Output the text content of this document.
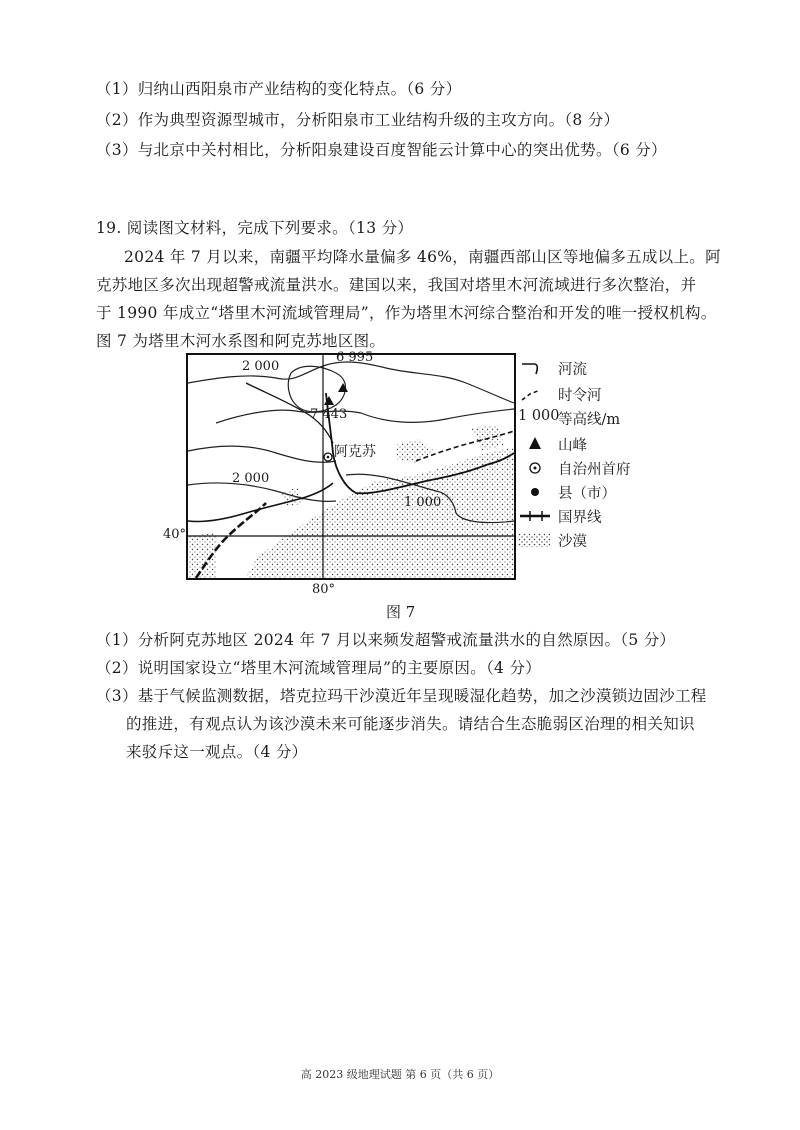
（1）归纳山西阳泉市产业结构的变化特点。（6 分）
（2）作为典型资源型城市，分析阳泉市工业结构升级的主攻方向。（8 分）
（3）与北京中关村相比，分析阳泉建设百度智能云计算中心的突出优势。（6 分）
19. 阅读图文材料，完成下列要求。（13 分）
2024 年 7 月以来，南疆平均降水量偏多 46%，南疆西部山区等地偏多五成以上。阿
克苏地区多次出现超警戒流量洪水。建国以来，我国对塔里木河流域进行多次整治，并
于 1990 年成立“塔里木河流域管理局”，作为塔里木河综合整治和开发的唯一授权机构。
图 7 为塔里木河水系图和阿克苏地区图。
2 000
2 000
1 000
6 995
7 443
阿克苏
40°
80°
河流
时令河
1 000
等高线/m
山峰
自治州首府
县（市）
国界线
沙漠
图 7
（1）分析阿克苏地区 2024 年 7 月以来频发超警戒流量洪水的自然原因。（5 分）
（2）说明国家设立“塔里木河流域管理局”的主要原因。（4 分）
（3）基于气候监测数据，塔克拉玛干沙漠近年呈现暖湿化趋势，加之沙漠锁边固沙工程
的推进，有观点认为该沙漠未来可能逐步消失。请结合生态脆弱区治理的相关知识
来驳斥这一观点。（4 分）
高 2023 级地理试题 第 6 页（共 6 页）
